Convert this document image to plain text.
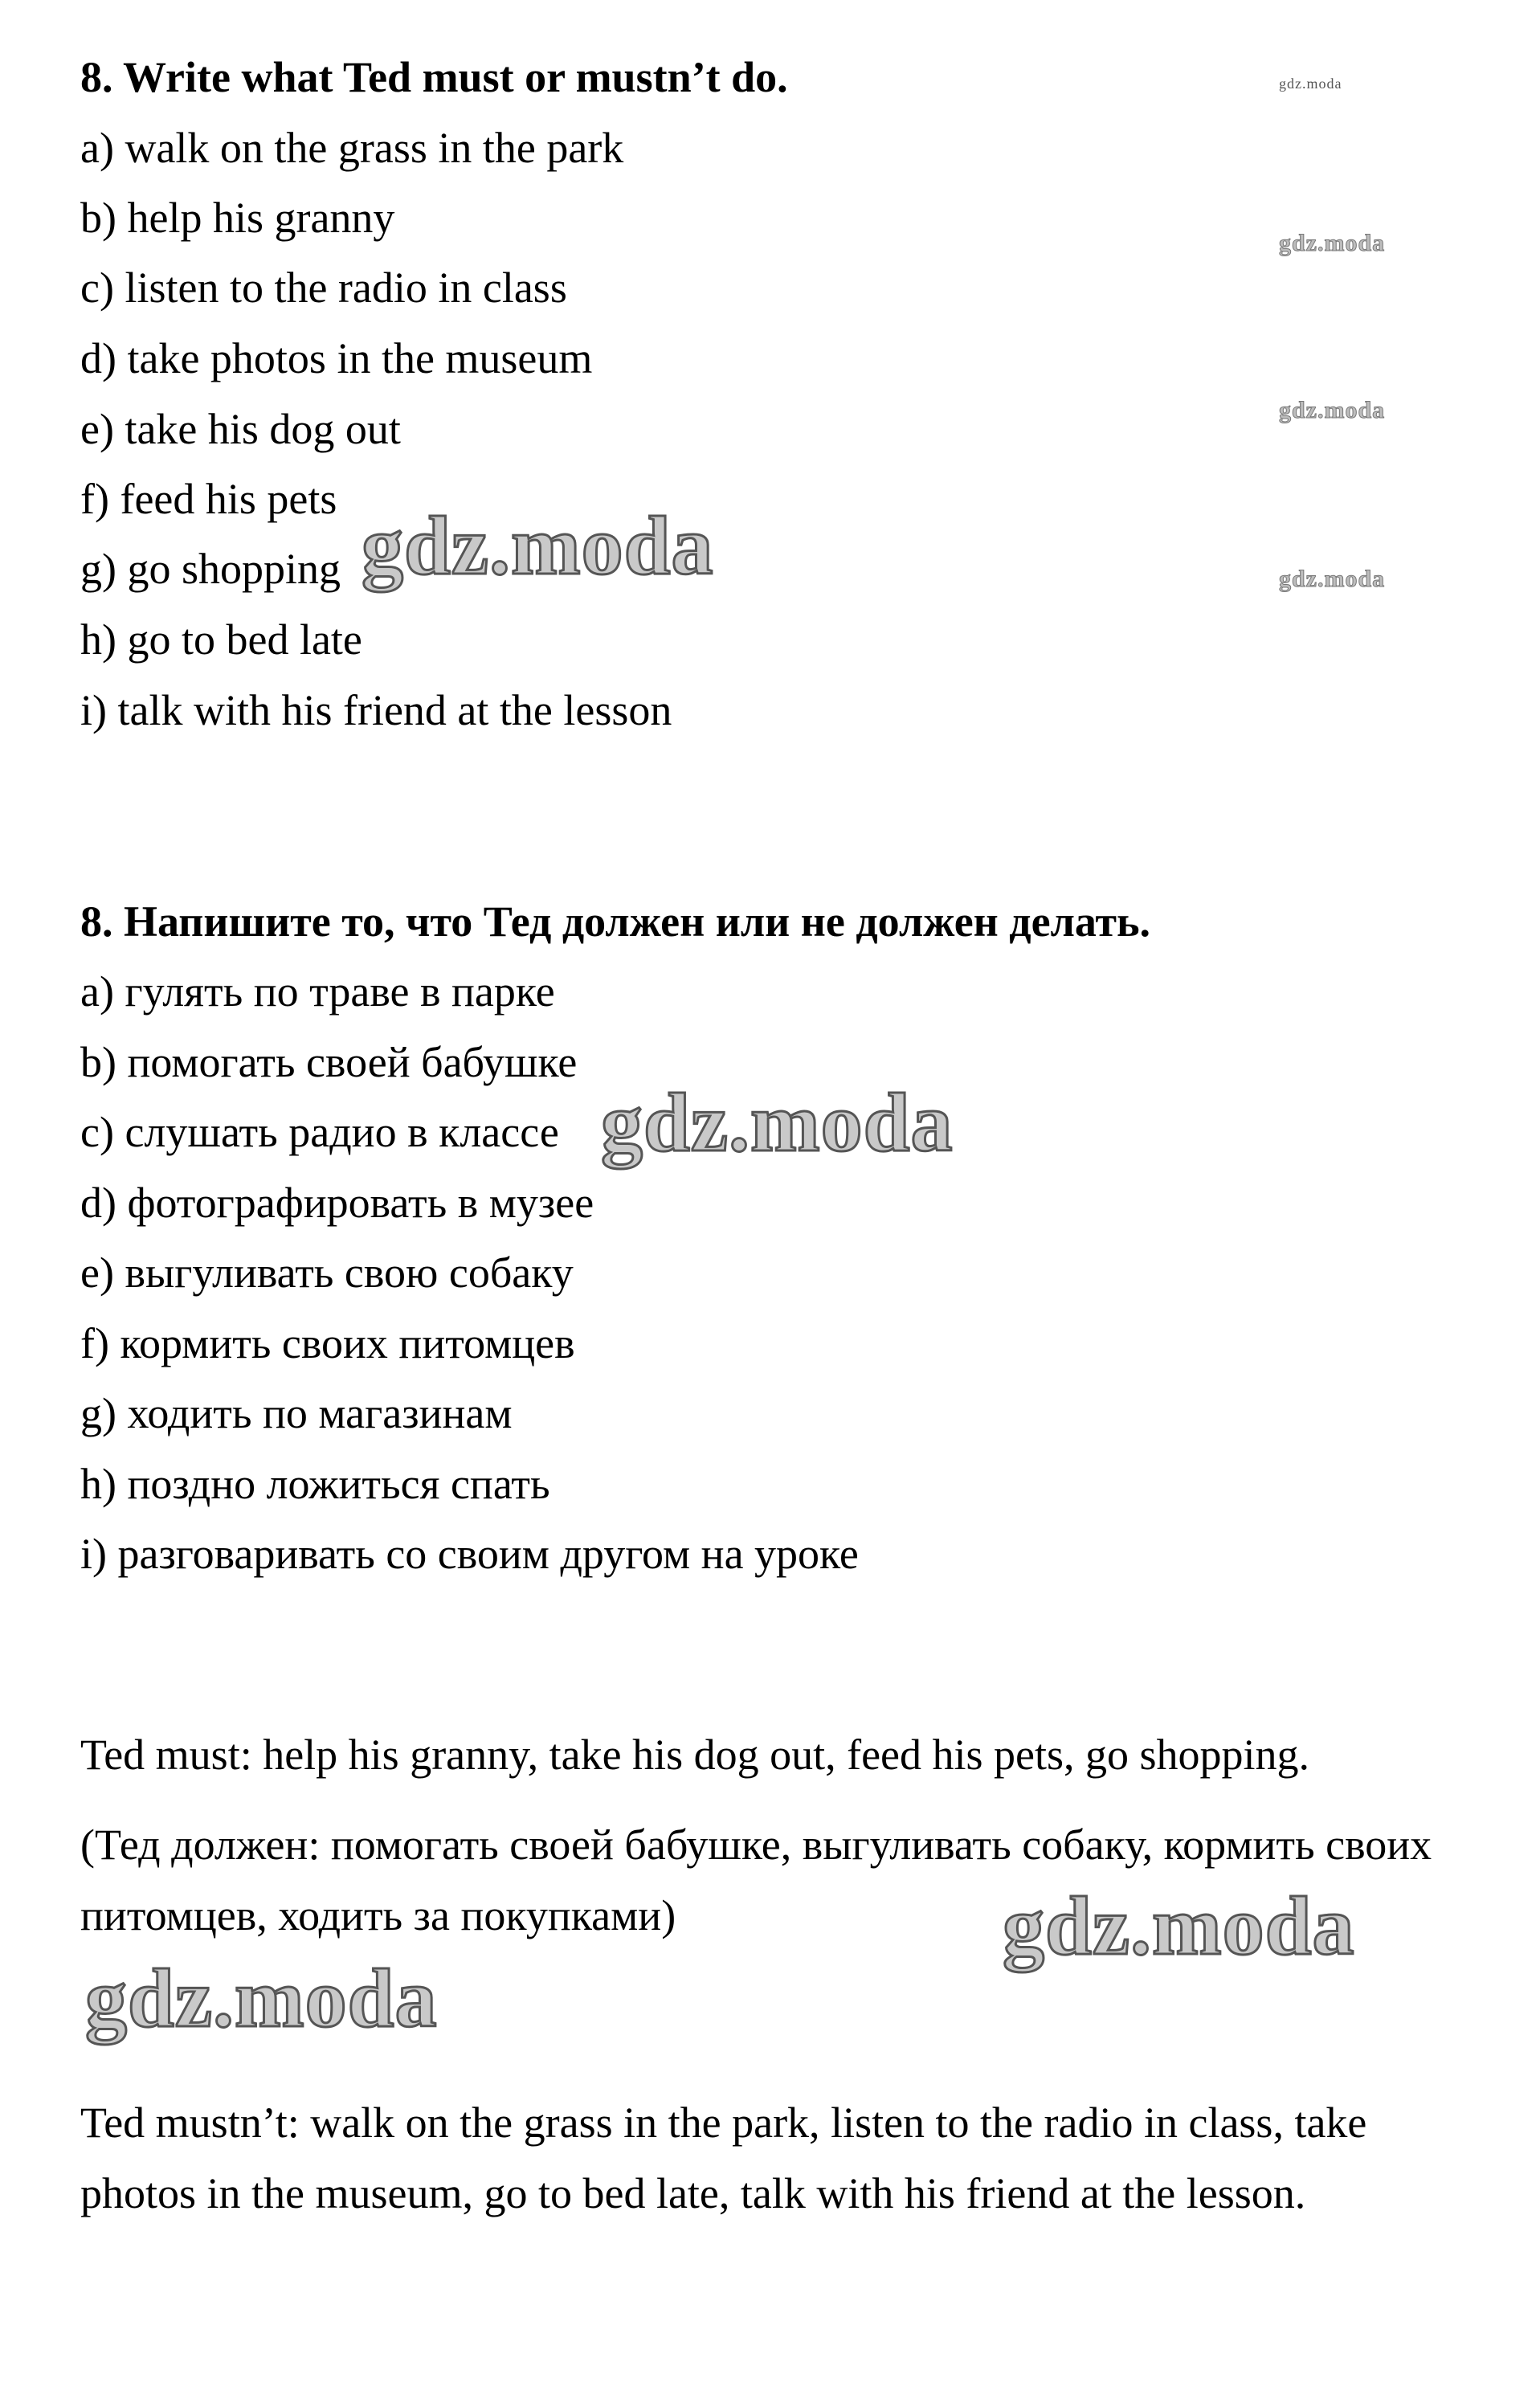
8. Write what Ted must or mustn’t do.
a) walk on the grass in the park
b) help his granny
c) listen to the radio in class
d) take photos in the museum
e) take his dog out
f) feed his pets
g) go shopping
h) go to bed late
i) talk with his friend at the lesson
8. Напишите то, что Тед должен или не должен делать.
a) гулять по траве в парке
b) помогать своей бабушке
c) слушать радио в классе
d) фотографировать в музее
e) выгуливать свою собаку
f) кормить своих питомцев
g) ходить по магазинам
h) поздно ложиться спать
i) разговаривать со своим другом на уроке
Ted must: help his granny, take his dog out, feed his pets, go shopping.
(Тед должен: помогать своей бабушке, выгуливать собаку, кормить своих питомцев, ходить за покупками)
Ted mustn’t: walk on the grass in the park, listen to the radio in class, take photos in the museum, go to bed late, talk with his friend at the lesson.
gdz.moda
gdz.moda
gdz.moda
gdz.moda
gdz.moda
gdz.moda
gdz.moda
gdz.moda
